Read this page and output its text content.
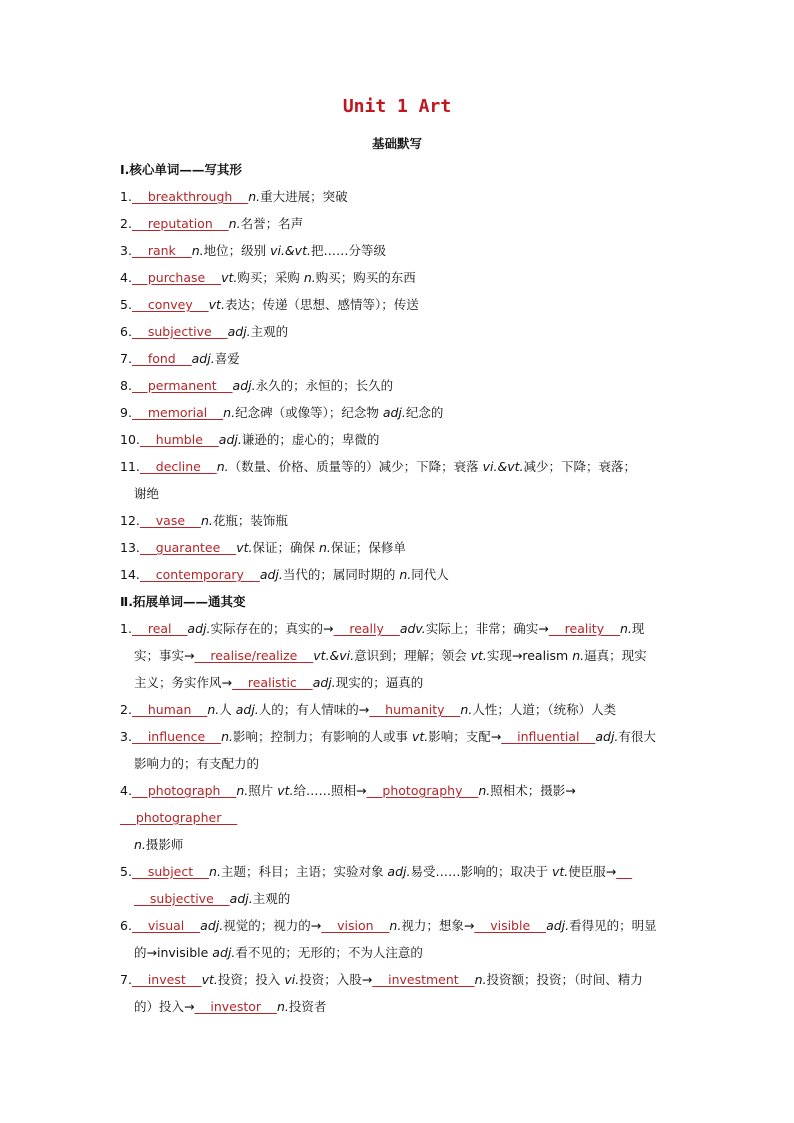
Unit 1 Art
基础默写
Ⅰ.核心单词——写其形
1.    breakthrough    n.重大进展；突破
2.    reputation    n.名誉；名声
3.    rank    n.地位；级别 vi.&vt.把……分等级
4.    purchase    vt.购买；采购 n.购买；购买的东西
5.    convey    vt.表达；传递（思想、感情等）；传送
6.    subjective    adj.主观的
7.    fond    adj.喜爱
8.    permanent    adj.永久的；永恒的；长久的
9.    memorial    n.纪念碑（或像等）；纪念物 adj.纪念的
10.    humble    adj.谦逊的；虚心的；卑微的
11.    decline    n.（数量、价格、质量等的）减少；下降；衰落 vi.&vt.减少；下降；衰落；
谢绝
12.    vase    n.花瓶；装饰瓶
13.    guarantee    vt.保证；确保 n.保证；保修单
14.    contemporary    adj.当代的；属同时期的 n.同代人
Ⅱ.拓展单词——通其变
1.    real    adj.实际存在的；真实的→    really    adv.实际上；非常；确实→    reality    n.现
实；事实→    realise/realize    vt.&vi.意识到；理解；领会 vt.实现→realism n.逼真；现实
主义；务实作风→    realistic    adj.现实的；逼真的
2.    human    n.人 adj.人的；有人情味的→    humanity    n.人性；人道；（统称）人类
3.    influence    n.影响；控制力；有影响的人或事 vt.影响；支配→    influential    adj.有很大
影响力的；有支配力的
4.    photograph    n.照片 vt.给……照相→    photography    n.照相术；摄影→    photographer
n.摄影师
5.    subject    n.主题；科目；主语；实验对象 adj.易受……影响的；取决于 vt.使臣服→
subjective    adj.主观的
6.    visual    adj.视觉的；视力的→    vision    n.视力；想象→    visible    adj.看得见的；明显
的→invisible adj.看不见的；无形的；不为人注意的
7.    invest    vt.投资；投入 vi.投资；入股→    investment    n.投资额；投资；（时间、精力
的）投入→    investor    n.投资者
